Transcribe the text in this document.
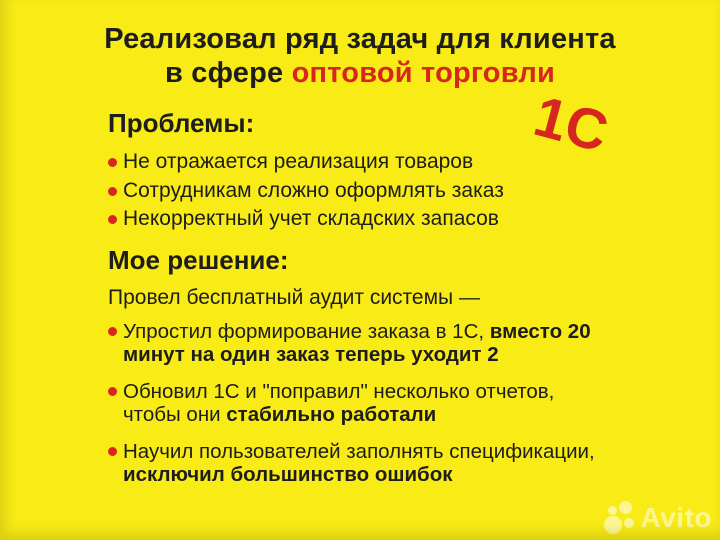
Реализовал ряд задач для клиента
в сфере оптовой торговли
1С
Проблемы:
Не отражается реализация товаров
Сотрудникам сложно оформлять заказ
Некорректный учет складских запасов
Мое решение:

Провел бесплатный аудит системы —

Упростил формирование заказа в 1С, вместо 20 минут на один заказ теперь уходит 2
Обновил 1С и "поправил" несколько отчетов, чтобы они стабильно работали
Научил пользователей заполнять спецификации, исключил большинство ошибок
Avito
